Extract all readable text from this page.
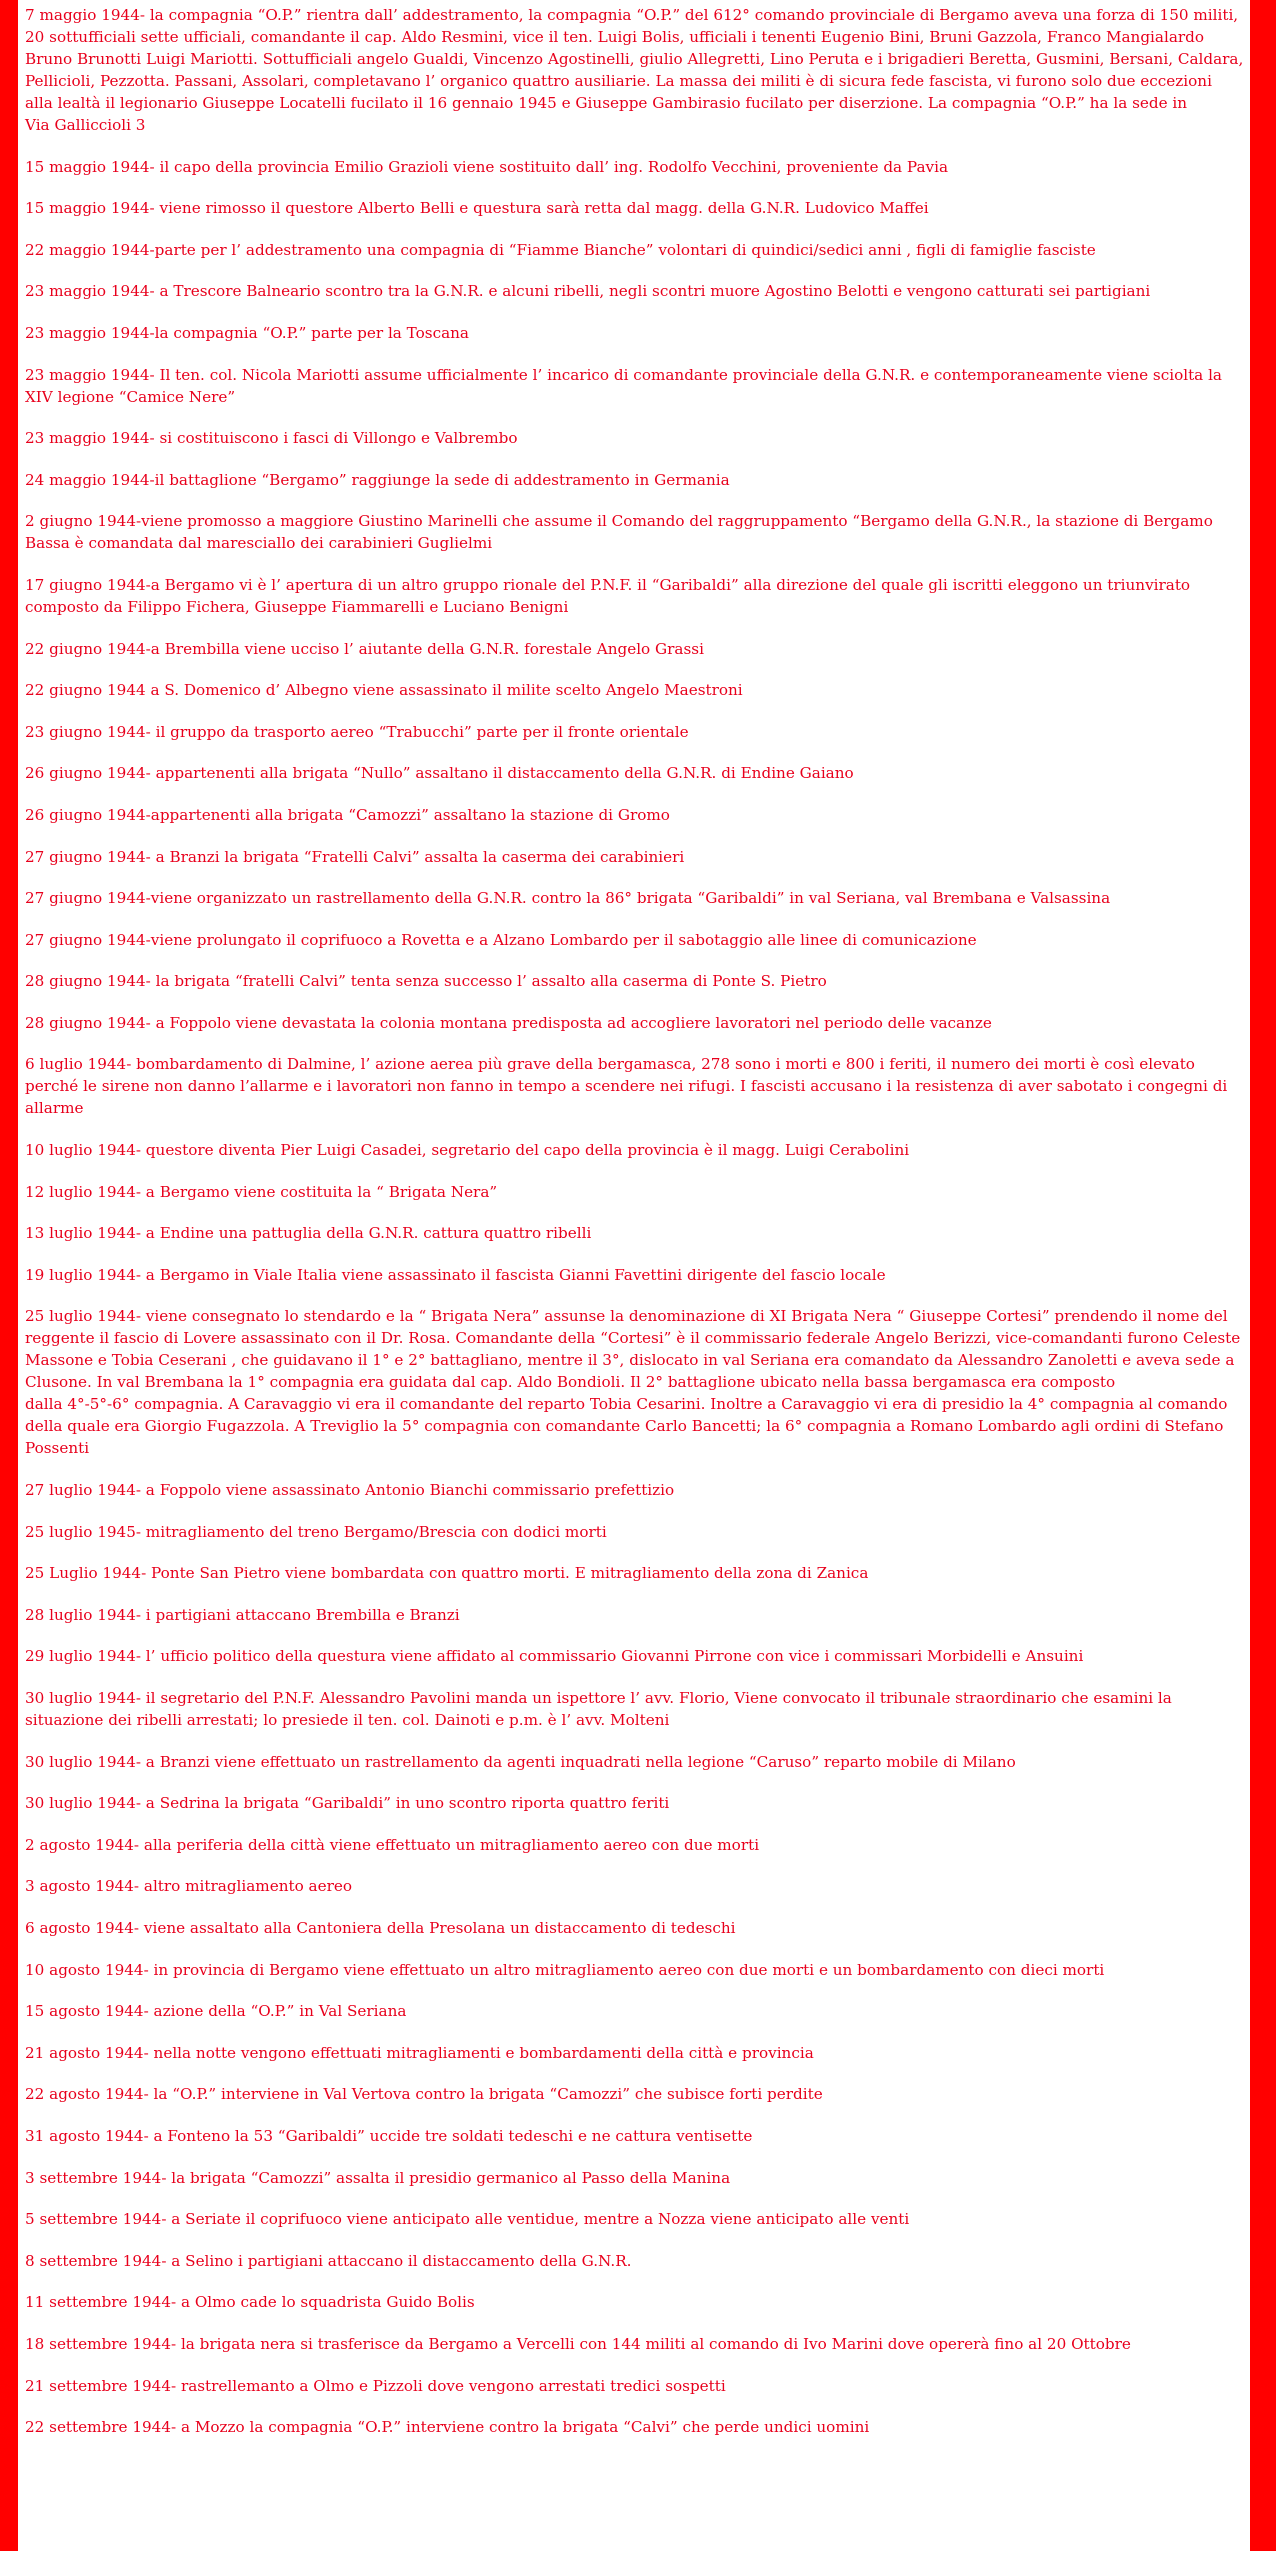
7 maggio 1944- la compagnia “O.P.” rientra dall’ addestramento, la compagnia “O.P.” del 612° comando provinciale di Bergamo aveva una forza di 150 militi, 20 sottufficiali sette ufficiali, comandante il cap. Aldo Resmini, vice il ten. Luigi Bolis, ufficiali i tenenti Eugenio Bini, Bruni Gazzola, Franco Mangialardo Bruno Brunotti Luigi Mariotti. Sottufficiali angelo Gualdi, Vincenzo Agostinelli, giulio Allegretti, Lino Peruta e i brigadieri Beretta, Gusmini, Bersani, Caldara, Pellicioli, Pezzotta. Passani, Assolari, completavano l’ organico quattro ausiliarie. La massa dei militi è di sicura fede fascista, vi furono solo due eccezioni alla lealtà il legionario Giuseppe Locatelli fucilato il 16 gennaio 1945 e Giuseppe Gambirasio fucilato per diserzione. La compagnia “O.P.” ha la sede in
Via Galliccioli 3

15 maggio 1944- il capo della provincia Emilio Grazioli viene sostituito dall’ ing. Rodolfo Vecchini, proveniente da Pavia

15 maggio 1944- viene rimosso il questore Alberto Belli e questura sarà retta dal magg. della G.N.R. Ludovico Maffei

22 maggio 1944-parte per l’ addestramento una compagnia di “Fiamme Bianche” volontari di quindici/sedici anni , figli di famiglie fasciste

23 maggio 1944- a Trescore Balneario scontro tra la G.N.R. e alcuni ribelli, negli scontri muore Agostino Belotti e vengono catturati sei partigiani

23 maggio 1944-la compagnia “O.P.” parte per la Toscana

23 maggio 1944- Il ten. col. Nicola Mariotti assume ufficialmente l’ incarico di comandante provinciale della G.N.R. e contemporaneamente viene sciolta la XIV legione “Camice Nere”

23 maggio 1944- si costituiscono i fasci di Villongo e Valbrembo

24 maggio 1944-il battaglione “Bergamo” raggiunge la sede di addestramento in Germania

2 giugno 1944-viene promosso a maggiore Giustino Marinelli che assume il Comando del raggruppamento “Bergamo della G.N.R., la stazione di Bergamo Bassa è comandata dal maresciallo dei carabinieri Guglielmi

17 giugno 1944-a Bergamo vi è l’ apertura di un altro gruppo rionale del P.N.F. il “Garibaldi” alla direzione del quale gli iscritti eleggono un triunvirato composto da Filippo Fichera, Giuseppe Fiammarelli e Luciano Benigni

22 giugno 1944-a Brembilla viene ucciso l’ aiutante della G.N.R. forestale Angelo Grassi

22 giugno 1944 a S. Domenico d’ Albegno viene assassinato il milite scelto Angelo Maestroni

23 giugno 1944- il gruppo da trasporto aereo “Trabucchi” parte per il fronte orientale

26 giugno 1944- appartenenti alla brigata “Nullo” assaltano il distaccamento della G.N.R. di Endine Gaiano

26 giugno 1944-appartenenti alla brigata “Camozzi” assaltano la stazione di Gromo

27 giugno 1944- a Branzi la brigata “Fratelli Calvi” assalta la caserma dei carabinieri

27 giugno 1944-viene organizzato un rastrellamento della G.N.R. contro la 86° brigata “Garibaldi” in val Seriana, val Brembana e Valsassina

27 giugno 1944-viene prolungato il coprifuoco a Rovetta e a Alzano Lombardo per il sabotaggio alle linee di comunicazione

28 giugno 1944- la brigata “fratelli Calvi” tenta senza successo l’ assalto alla caserma di Ponte S. Pietro

28 giugno 1944- a Foppolo viene devastata la colonia montana predisposta ad accogliere lavoratori nel periodo delle vacanze

6 luglio 1944- bombardamento di Dalmine, l’ azione aerea più grave della bergamasca, 278 sono i morti e 800 i feriti, il numero dei morti è così elevato perché le sirene non danno l’allarme e i lavoratori non fanno in tempo a scendere nei rifugi. I fascisti accusano i la resistenza di aver sabotato i congegni di allarme

10 luglio 1944- questore diventa Pier Luigi Casadei, segretario del capo della provincia è il magg. Luigi Cerabolini

12 luglio 1944- a Bergamo viene costituita la “ Brigata Nera”

13 luglio 1944- a Endine una pattuglia della G.N.R. cattura quattro ribelli

19 luglio 1944- a Bergamo in Viale Italia viene assassinato il fascista Gianni Favettini dirigente del fascio locale

25 luglio 1944- viene consegnato lo stendardo e la “ Brigata Nera” assunse la denominazione di XI Brigata Nera “ Giuseppe Cortesi” prendendo il nome del reggente il fascio di Lovere assassinato con il Dr. Rosa. Comandante della “Cortesi” è il commissario federale Angelo Berizzi, vice-comandanti furono Celeste Massone e Tobia Ceserani , che guidavano il 1° e 2° battagliano, mentre il 3°, dislocato in val Seriana era comandato da Alessandro Zanoletti e aveva sede a Clusone. In val Brembana la 1° compagnia era guidata dal cap. Aldo Bondioli. Il 2° battaglione ubicato nella bassa bergamasca era composto
dalla 4°-5°-6° compagnia. A Caravaggio vi era il comandante del reparto Tobia Cesarini. Inoltre a Caravaggio vi era di presidio la 4° compagnia al comando della quale era Giorgio Fugazzola. A Treviglio la 5° compagnia con comandante Carlo Bancetti; la 6° compagnia a Romano Lombardo agli ordini di Stefano Possenti

27 luglio 1944- a Foppolo viene assassinato Antonio Bianchi commissario prefettizio

25 luglio 1945- mitragliamento del treno Bergamo/Brescia con dodici morti

25 Luglio 1944- Ponte San Pietro viene bombardata con quattro morti. E mitragliamento della zona di Zanica

28 luglio 1944- i partigiani attaccano Brembilla e Branzi

29 luglio 1944- l’ ufficio politico della questura viene affidato al commissario Giovanni Pirrone con vice i commissari Morbidelli e Ansuini

30 luglio 1944- il segretario del P.N.F. Alessandro Pavolini manda un ispettore l’ avv. Florio, Viene convocato il tribunale straordinario che esamini la situazione dei ribelli arrestati; lo presiede il ten. col. Dainoti e p.m. è l’ avv. Molteni

30 luglio 1944- a Branzi viene effettuato un rastrellamento da agenti inquadrati nella legione “Caruso” reparto mobile di Milano

30 luglio 1944- a Sedrina la brigata “Garibaldi” in uno scontro riporta quattro feriti

2 agosto 1944- alla periferia della città viene effettuato un mitragliamento aereo con due morti

3 agosto 1944- altro mitragliamento aereo

6 agosto 1944- viene assaltato alla Cantoniera della Presolana un distaccamento di tedeschi

10 agosto 1944- in provincia di Bergamo viene effettuato un altro mitragliamento aereo con due morti e un bombardamento con dieci morti

15 agosto 1944- azione della “O.P.” in Val Seriana

21 agosto 1944- nella notte vengono effettuati mitragliamenti e bombardamenti della città e provincia

22 agosto 1944- la “O.P.” interviene in Val Vertova contro la brigata “Camozzi” che subisce forti perdite

31 agosto 1944- a Fonteno la 53 “Garibaldi” uccide tre soldati tedeschi e ne cattura ventisette

3 settembre 1944- la brigata “Camozzi” assalta il presidio germanico al Passo della Manina

5 settembre 1944- a Seriate il coprifuoco viene anticipato alle ventidue, mentre a Nozza viene anticipato alle venti

8 settembre 1944- a Selino i partigiani attaccano il distaccamento della G.N.R.

11 settembre 1944- a Olmo cade lo squadrista Guido Bolis

18 settembre 1944- la brigata nera si trasferisce da Bergamo a Vercelli con 144 militi al comando di Ivo Marini dove opererà fino al 20 Ottobre

21 settembre 1944- rastrellemanto a Olmo e Pizzoli dove vengono arrestati tredici sospetti

22 settembre 1944- a Mozzo la compagnia “O.P.” interviene contro la brigata “Calvi” che perde undici uomini
